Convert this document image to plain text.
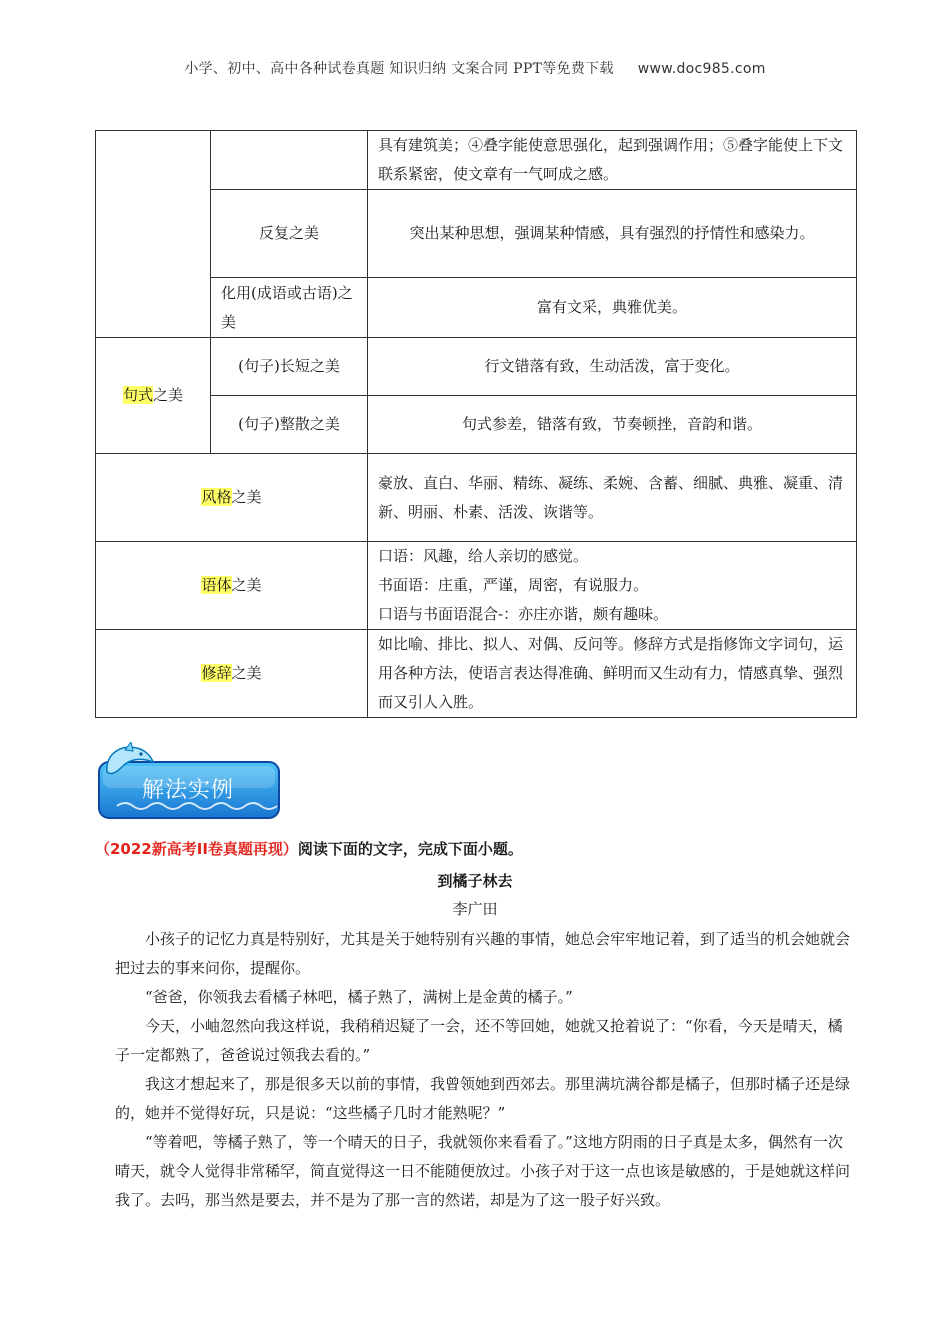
小学、初中、高中各种试卷真题 知识归纳 文案合同 PPT等免费下载 www.doc985.com
		具有建筑美；④叠字能使意思强化，起到强调作用；⑤叠字能使上下文联系紧密，使文章有一气呵成之感。
	反复之美	突出某种思想，强调某种情感，具有强烈的抒情性和感染力。
	化用(成语或古语)之美	富有文采，典雅优美。
句式之美	(句子)长短之美	行文错落有致，生动活泼，富于变化。
	(句子)整散之美	句式参差，错落有致，节奏顿挫，音韵和谐。
风格之美		豪放、直白、华丽、精练、凝练、柔婉、含蓄、细腻、典雅、凝重、清新、明丽、朴素、活泼、诙谐等。
语体之美		口语：风趣，给人亲切的感觉。
书面语：庄重，严谨，周密，有说服力。
口语与书面语混合-：亦庄亦谐，颇有趣味。

修辞之美		如比喻、排比、拟人、对偶、反问等。修辞方式是指修饰文字词句，运用各种方法，使语言表达得准确、鲜明而又生动有力，情感真挚、强烈而又引人入胜。
解法实例
（2022新高考II卷真题再现）阅读下面的文字，完成下面小题。
到橘子林去
李广田

小孩子的记忆力真是特别好，尤其是关于她特别有兴趣的事情，她总会牢牢地记着，到了适当的机会她就会把过去的事来问你，提醒你。

“爸爸，你领我去看橘子林吧，橘子熟了，满树上是金黄的橘子。”

今天，小岫忽然向我这样说，我稍稍迟疑了一会，还不等回她，她就又抢着说了：“你看，今天是晴天，橘子一定都熟了，爸爸说过领我去看的。”

我这才想起来了，那是很多天以前的事情，我曾领她到西郊去。那里满坑满谷都是橘子，但那时橘子还是绿的，她并不觉得好玩，只是说：“这些橘子几时才能熟呢？”

“等着吧，等橘子熟了，等一个晴天的日子，我就领你来看看了。”这地方阴雨的日子真是太多，偶然有一次晴天，就令人觉得非常稀罕，简直觉得这一日不能随便放过。小孩子对于这一点也该是敏感的，于是她就这样问我了。去吗，那当然是要去，并不是为了那一言的然诺，却是为了这一股子好兴致。
